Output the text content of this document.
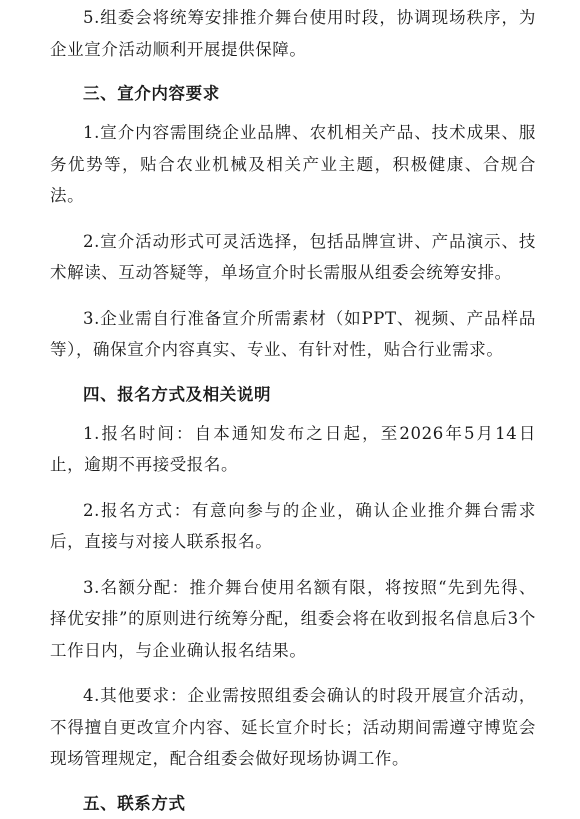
5.组委会将统筹安排推介舞台使用时段，协调现场秩序，为企业宣介活动顺利开展提供保障。

三、宣介内容要求

1.宣介内容需围绕企业品牌、农机相关产品、技术成果、服务优势等，贴合农业机械及相关产业主题，积极健康、合规合法。

2.宣介活动形式可灵活选择，包括品牌宣讲、产品演示、技术解读、互动答疑等，单场宣介时长需服从组委会统筹安排。

3.企业需自行准备宣介所需素材（如PPT、视频、产品样品等），确保宣介内容真实、专业、有针对性，贴合行业需求。

四、报名方式及相关说明

1.报名时间：自本通知发布之日起，至2026年5月14日止，逾期不再接受报名。

2.报名方式：有意向参与的企业，确认企业推介舞台需求后，直接与对接人联系报名。

3.名额分配：推介舞台使用名额有限，将按照“先到先得、择优安排”的原则进行统筹分配，组委会将在收到报名信息后3个工作日内，与企业确认报名结果。

4.其他要求：企业需按照组委会确认的时段开展宣介活动，不得擅自更改宣介内容、延长宣介时长；活动期间需遵守博览会现场管理规定，配合组委会做好现场协调工作。

五、联系方式
